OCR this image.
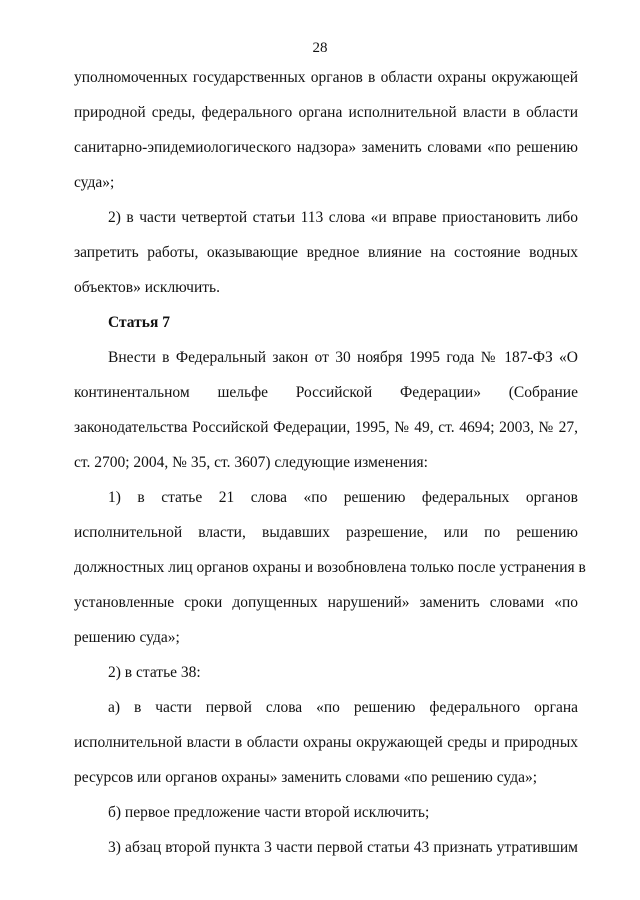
28
уполномоченных государственных органов в области охраны окружающей
природной среды, федерального органа исполнительной власти в области
санитарно-эпидемиологического надзора» заменить словами «по решению
суда»;
2) в части четвертой статьи 113 слова «и вправе приостановить либо
запретить работы, оказывающие вредное влияние на состояние водных
объектов» исключить.
Статья 7
Внести в Федеральный закон от 30 ноября 1995 года № 187-ФЗ «О
континентальном шельфе Российской Федерации» (Собрание
законодательства Российской Федерации, 1995, № 49, ст. 4694; 2003, № 27,
ст. 2700; 2004, № 35, ст. 3607) следующие изменения:
1) в статье 21 слова «по решению федеральных органов
исполнительной власти, выдавших разрешение, или по решению
должностных лиц органов охраны и возобновлена только после устранения в
установленные сроки допущенных нарушений» заменить словами «по
решению суда»;
2) в статье 38:
а) в части первой слова «по решению федерального органа
исполнительной власти в области охраны окружающей среды и природных
ресурсов или органов охраны» заменить словами «по решению суда»;
б) первое предложение части второй исключить;
3) абзац второй пункта 3 части первой статьи 43 признать утратившим
